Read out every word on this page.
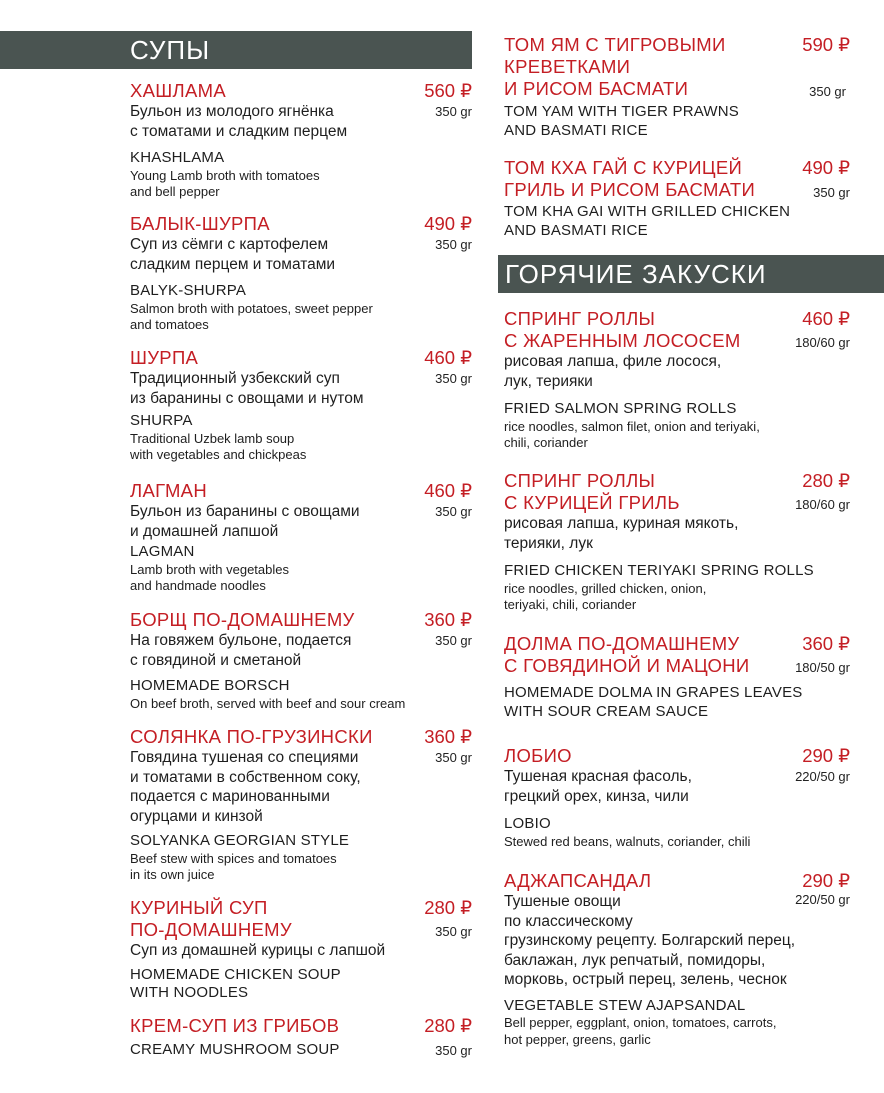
СУПЫ
ГОРЯЧИЕ ЗАКУСКИ
ХАШЛАМА	560 ₽
Бульон из молодого ягнёнка
с томатами и сладким перцем
350 gr
KHASHLAMA
Young Lamb broth with tomatoes
and bell pepper
БАЛЫК-ШУРПА	490 ₽
Суп из сёмги с картофелем
сладким перцем и томатами
350 gr
BALYK-SHURPA
Salmon broth with potatoes, sweet pepper
and tomatoes
ШУРПА	460 ₽
Традиционный узбекский суп
из баранины с овощами и нутом
350 gr
SHURPA
Traditional Uzbek lamb soup
with vegetables and chickpeas
ЛАГМАН	460 ₽
Бульон из баранины с овощами
и домашней лапшой
350 gr
LAGMAN
Lamb broth with vegetables
and handmade noodles
БОРЩ ПО-ДОМАШНЕМУ	360 ₽
На говяжем бульоне, подается
с говядиной и сметаной
350 gr
HOMEMADE BORSCH
On beef broth, served with beef and sour cream
СОЛЯНКА ПО-ГРУЗИНСКИ	360 ₽
Говядина тушеная со специями
и томатами в собственном соку,
подается с маринованными
огурцами и кинзой
350 gr
SOLYANKA GEORGIAN STYLE
Beef stew with spices and tomatoes
in its own juice
КУРИНЫЙ СУП
ПО-ДОМАШНЕМУ
280 ₽
350 gr
Суп из домашней курицы с лапшой
HOMEMADE CHICKEN SOUP
WITH NOODLES
КРЕМ-СУП ИЗ ГРИБОВ	280 ₽
CREAMY MUSHROOM SOUP	350 gr
ТОМ ЯМ С ТИГРОВЫМИ
КРЕВЕТКАМИ
И РИСОМ БАСМАТИ
590 ₽
350 gr
TOM YAM WITH TIGER PRAWNS
AND BASMATI RICE
ТОМ КХА ГАЙ С КУРИЦЕЙ
ГРИЛЬ И РИСОМ БАСМАТИ
490 ₽
350 gr
TOM KHA GAI WITH GRILLED CHICKEN
AND BASMATI RICE
СПРИНГ РОЛЛЫ
С ЖАРЕННЫМ ЛОСОСЕМ
460 ₽
180/60 gr
рисовая лапша, филе лосося,
лук, терияки
FRIED SALMON SPRING ROLLS
rice noodles, salmon filet, onion and teriyaki,
chili, coriander
СПРИНГ РОЛЛЫ
С КУРИЦЕЙ ГРИЛЬ
280 ₽
180/60 gr
рисовая лапша, куриная мякоть,
терияки, лук
FRIED CHICKEN TERIYAKI SPRING ROLLS
rice noodles, grilled chicken, onion,
teriyaki, chili, coriander
ДОЛМА ПО-ДОМАШНЕМУ
С ГОВЯДИНОЙ И МАЦОНИ
360 ₽
180/50 gr
HOMEMADE DOLMA IN GRAPES LEAVES
WITH SOUR CREAM SAUCE
ЛОБИО	290 ₽
Тушеная красная фасоль,
грецкий орех, кинза, чили
220/50 gr
LOBIO
Stewed red beans, walnuts, coriander, chili
АДЖАПСАНДАЛ	290 ₽
Тушеные овощи
по классическому
грузинскому рецепту. Болгарский перец,
баклажан, лук репчатый, помидоры,
морковь, острый перец, зелень, чеснок
220/50 gr
VEGETABLE STEW AJAPSANDAL
Bell pepper, eggplant, onion, tomatoes, carrots,
hot pepper, greens, garlic
